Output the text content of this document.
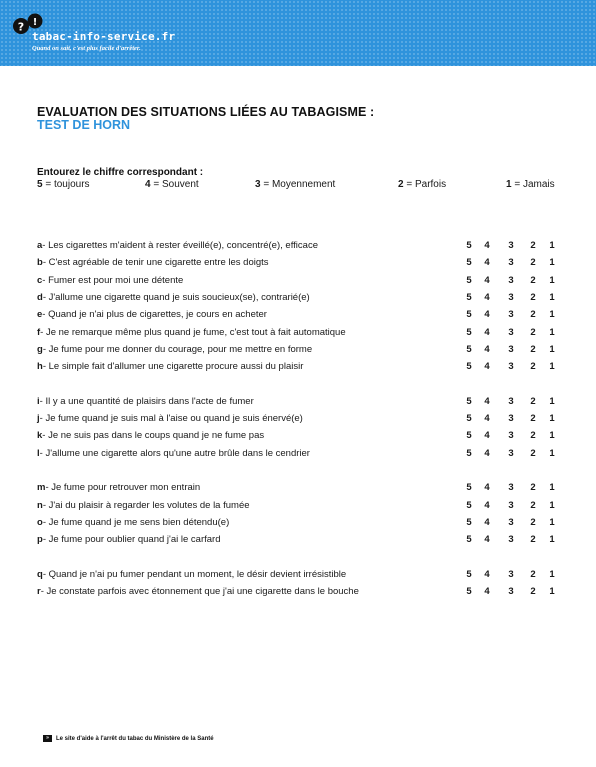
? !
tabac-info-service.fr
Quand on sait, c'est plus facile d'arrêter.
EVALUATION DES SITUATIONS LIÉES AU TABAGISME :
TEST DE HORN
Entourez le chiffre correspondant :
5 = toujours	4 = Souvent	3 = Moyennement	2 = Parfois	1 = Jamais
a- Les cigarettes m'aident à rester éveillé(e), concentré(e), efficace	5 4 3 2 1
b- C'est agréable de tenir une cigarette entre les doigts	5 4 3 2 1
c- Fumer est pour moi une détente	5 4 3 2 1
d- J'allume une cigarette quand je suis soucieux(se), contrarié(e)	5 4 3 2 1
e- Quand je n'ai plus de cigarettes, je cours en acheter	5 4 3 2 1
f- Je ne remarque même plus quand je fume, c'est tout à fait automatique	5 4 3 2 1
g- Je fume pour me donner du courage, pour me mettre en forme	5 4 3 2 1
h- Le simple fait d'allumer une cigarette procure aussi du plaisir	5 4 3 2 1
i- Il y a une quantité de plaisirs dans l'acte de fumer	5 4 3 2 1
j- Je fume quand je suis mal à l'aise ou quand je suis énervé(e)	5 4 3 2 1
k- Je ne suis pas dans le coups quand je ne fume pas	5 4 3 2 1
l- J'allume une cigarette alors qu'une autre brûle dans le cendrier	5 4 3 2 1
m- Je fume pour retrouver mon entrain	5 4 3 2 1
n- J'ai du plaisir à regarder les volutes de la fumée	5 4 3 2 1
o- Je fume quand je me sens bien détendu(e)	5 4 3 2 1
p- Je fume pour oublier quand j'ai le carfard	5 4 3 2 1
q- Quand je n'ai pu fumer pendant un moment, le désir devient irrésistible	5 4 3 2 1
r- Je constate parfois avec étonnement que j'ai une cigarette dans le bouche	5 4 3 2 1
»	Le site d'aide à l'arrêt du tabac du Ministère de la Santé
